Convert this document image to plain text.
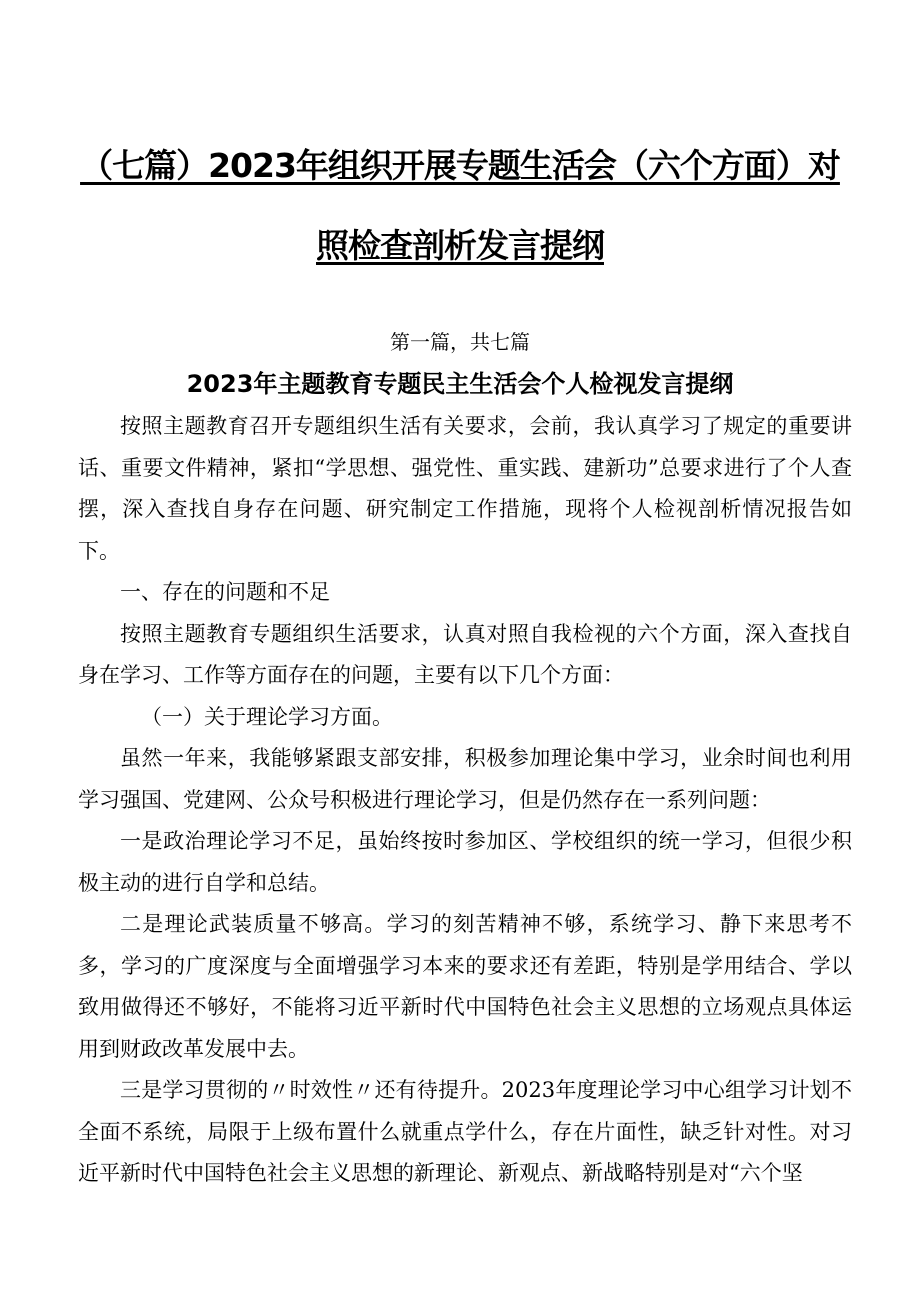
（七篇）2023年组织开展专题生活会（六个方面）对
照检查剖析发言提纲
第一篇，共七篇
2023年主题教育专题民主生活会个人检视发言提纲

按照主题教育召开专题组织生活有关要求，会前，我认真学习了规定的重要讲话、重要文件精神，紧扣“学思想、强党性、重实践、建新功”总要求进行了个人查摆，深入查找自身存在问题、研究制定工作措施，现将个人检视剖析情况报告如下。

一、存在的问题和不足

按照主题教育专题组织生活要求，认真对照自我检视的六个方面，深入查找自身在学习、工作等方面存在的问题，主要有以下几个方面：

（一）关于理论学习方面。

虽然一年来，我能够紧跟支部安排，积极参加理论集中学习，业余时间也利用学习强国、党建网、公众号积极进行理论学习，但是仍然存在一系列问题：

一是政治理论学习不足，虽始终按时参加区、学校组织的统一学习，但很少积极主动的进行自学和总结。

二是理论武装质量不够高。学习的刻苦精神不够，系统学习、静下来思考不多，学习的广度深度与全面增强学习本来的要求还有差距，特别是学用结合、学以致用做得还不够好，不能将习近平新时代中国特色社会主义思想的立场观点具体运用到财政改革发展中去。

三是学习贯彻的〃时效性〃还有待提升。2023年度理论学习中心组学习计划不全面不系统，局限于上级布置什么就重点学什么，存在片面性，缺乏针对性。对习近平新时代中国特色社会主义思想的新理论、新观点、新战略特别是对“六个坚
